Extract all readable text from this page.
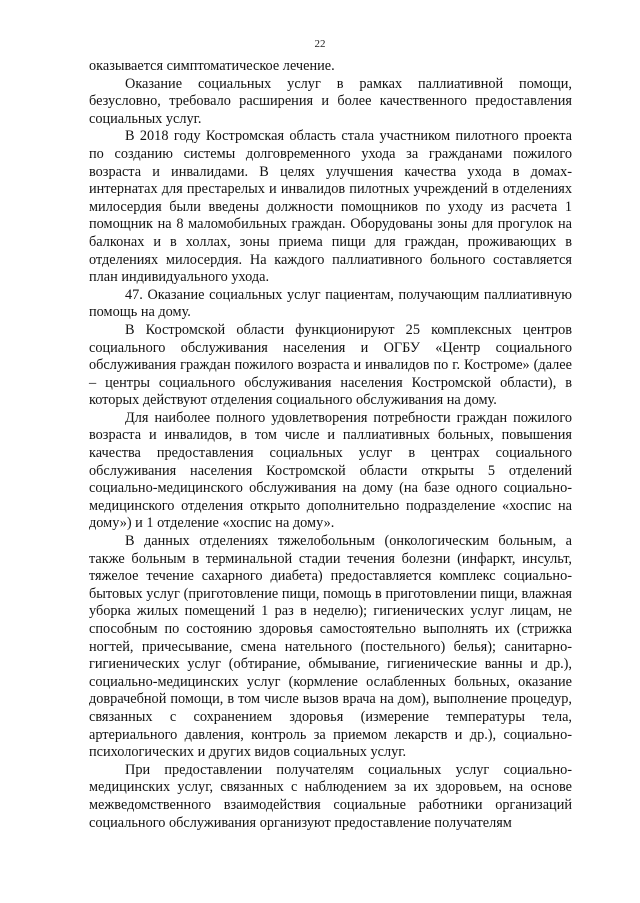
22

оказывается симптоматическое лечение.

Оказание социальных услуг в рамках паллиативной помощи, безусловно, требовало расширения и более качественного предоставления социальных услуг.

В 2018 году Костромская область стала участником пилотного проекта по созданию системы долговременного ухода за гражданами пожилого возраста и инвалидами. В целях улучшения качества ухода в домах-интернатах для престарелых и инвалидов пилотных учреждений в отделениях милосердия были введены должности помощников по уходу из расчета 1 помощник на 8 маломобильных граждан. Оборудованы зоны для прогулок на балконах и в холлах, зоны приема пищи для граждан, проживающих в отделениях милосердия. На каждого паллиативного больного составляется план индивидуального ухода.

47. Оказание социальных услуг пациентам, получающим паллиативную помощь на дому.

В Костромской области функционируют 25 комплексных центров социального обслуживания населения и ОГБУ «Центр социального обслуживания граждан пожилого возраста и инвалидов по г. Костроме» (далее – центры социального обслуживания населения Костромской области), в которых действуют отделения социального обслуживания на дому.

Для наиболее полного удовлетворения потребности граждан пожилого возраста и инвалидов, в том числе и паллиативных больных, повышения качества предоставления социальных услуг в центрах социального обслуживания населения Костромской области открыты 5 отделений социально-медицинского обслуживания на дому (на базе одного социально-медицинского отделения открыто дополнительно подразделение «хоспис на дому») и 1 отделение «хоспис на дому».

В данных отделениях тяжелобольным (онкологическим больным, а также больным в терминальной стадии течения болезни (инфаркт, инсульт, тяжелое течение сахарного диабета) предоставляется комплекс социально-бытовых услуг (приготовление пищи, помощь в приготовлении пищи, влажная уборка жилых помещений 1 раз в неделю); гигиенических услуг лицам, не способным по состоянию здоровья самостоятельно выполнять их (стрижка ногтей, причесывание, смена нательного (постельного) белья); санитарно-гигиенических услуг (обтирание, обмывание, гигиенические ванны и др.), социально-медицинских услуг (кормление ослабленных больных, оказание доврачебной помощи, в том числе вызов врача на дом), выполнение процедур, связанных с сохранением здоровья (измерение температуры тела, артериального давления, контроль за приемом лекарств и др.), социально-психологических и других видов социальных услуг.

При предоставлении получателям социальных услуг социально-медицинских услуг, связанных с наблюдением за их здоровьем, на основе межведомственного взаимодействия социальные работники организаций социального обслуживания организуют предоставление получателям
